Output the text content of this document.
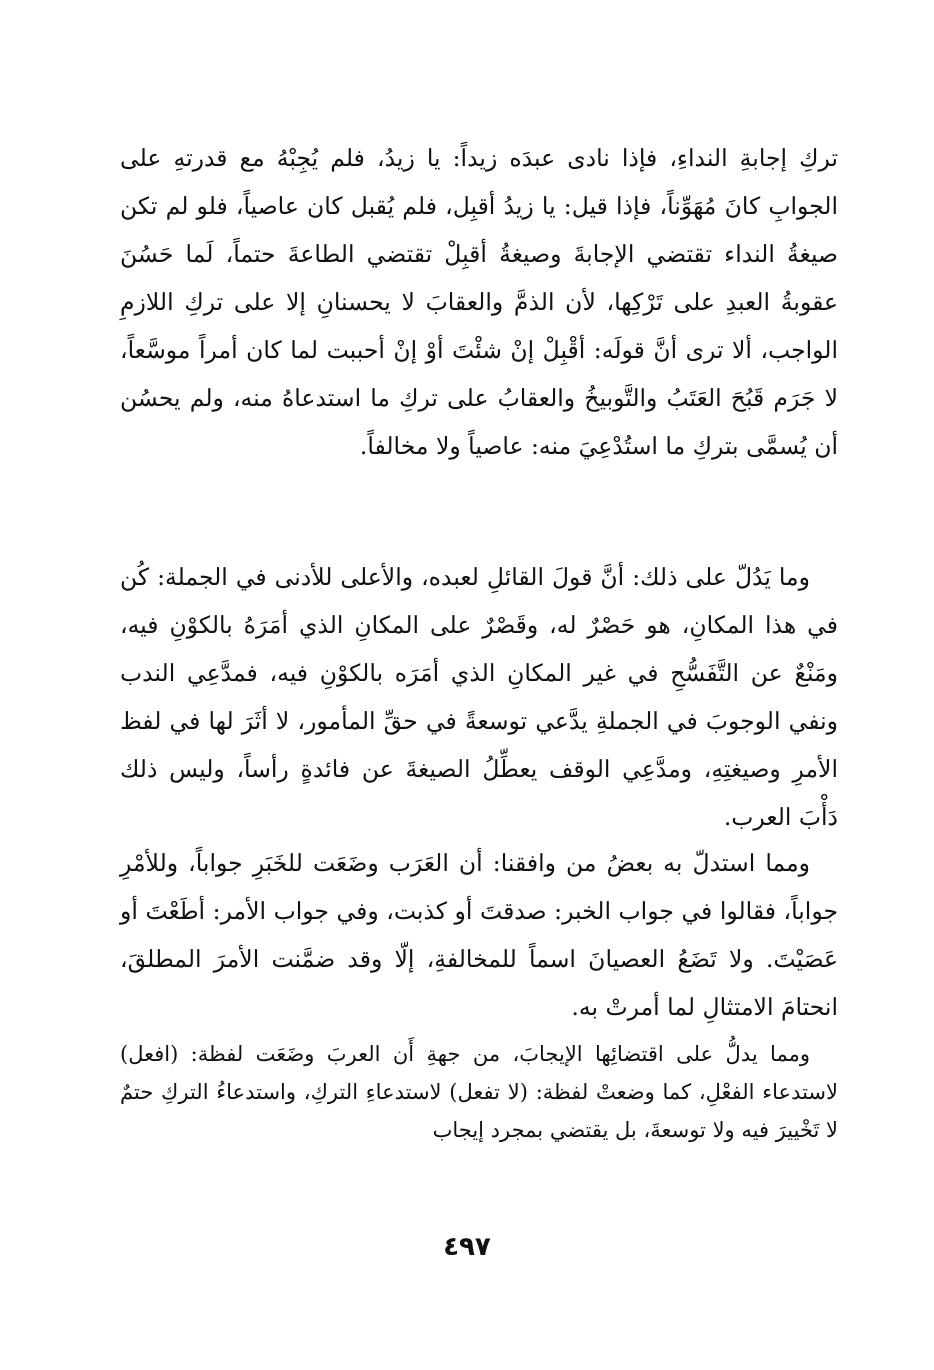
تركِ إجابةِ النداءِ، فإذا نادى عبدَه زيداً: يا زيدُ، فلم يُجِبْهُ مع قدرتهِ على الجوابِ كانَ مُهَوِّناً، فإذا قيل: يا زيدُ أقبِل، فلم يُقبل كان عاصياً، فلو لم تكن صيغةُ النداء تقتضي الإجابةَ وصيغةُ أقبِلْ تقتضي الطاعةَ حتماً، لَما حَسُنَ عقوبةُ العبدِ على تَرْكِها، لأن الذمَّ والعقابَ لا يحسنانِ إلا على تركِ اللازمِ الواجب، ألا ترى أنَّ قولَه: أقْبِلْ إنْ شئْتَ أوْ إنْ أحببت لما كان أمراً موسَّعاً، لا جَرَم قَبُحَ العَتَبُ والتَّوبيخُ والعقابُ على تركِ ما استدعاهُ منه، ولم يحسُن أن يُسمَّى بتركِ ما استُدْعِيَ منه: عاصياً ولا مخالفاً.
وما يَدُلّ على ذلك: أنَّ قولَ القائلِ لعبده، والأعلى للأدنى في الجملة: كُن في هذا المكانِ، هو حَصْرٌ له، وقَصْرٌ على المكانِ الذي أمَرَهُ بالكوْنِ فيه، ومَنْعٌ عن التَّفَسُّحِ في غير المكانِ الذي أمَرَه بالكوْنِ فيه، فمدَّعِي الندب ونفي الوجوبَ في الجملةِ يدَّعي توسعةً في حقِّ المأمور، لا أثَرَ لها في لفظ الأمرِ وصيغتِهِ، ومدَّعِي الوقف يعطِّلُ الصيغةَ عن فائدةٍ رأساً، وليس ذلك دَأْبَ العرب.
ومما استدلّ به بعضُ من وافقنا: أن العَرَب وضَعَت للخَبَرِ جواباً، وللأمْرِ جواباً، فقالوا في جواب الخبر: صدقتَ أو كذبت، وفي جواب الأمر: أطَعْتَ أو عَصَيْتَ. ولا تَضَعُ العصيانَ اسماً للمخالفةِ، إلّا وقد ضمَّنت الأمرَ المطلقَ، انحتامَ الامتثالِ لما أمرتْ به.
ومما يدلُّ على اقتضائِها الإيجابَ، من جهةِ أَن العربَ وضَعَت لفظة: (افعل) لاستدعاء الفعْلِ، كما وضعتْ لفظة: (لا تفعل) لاستدعاءِ التركِ، واستدعاءُ التركِ حتمٌ لا تَخْييرَ فيه ولا توسعةَ، بل يقتضي بمجرد إيجاب
٤٩٧
